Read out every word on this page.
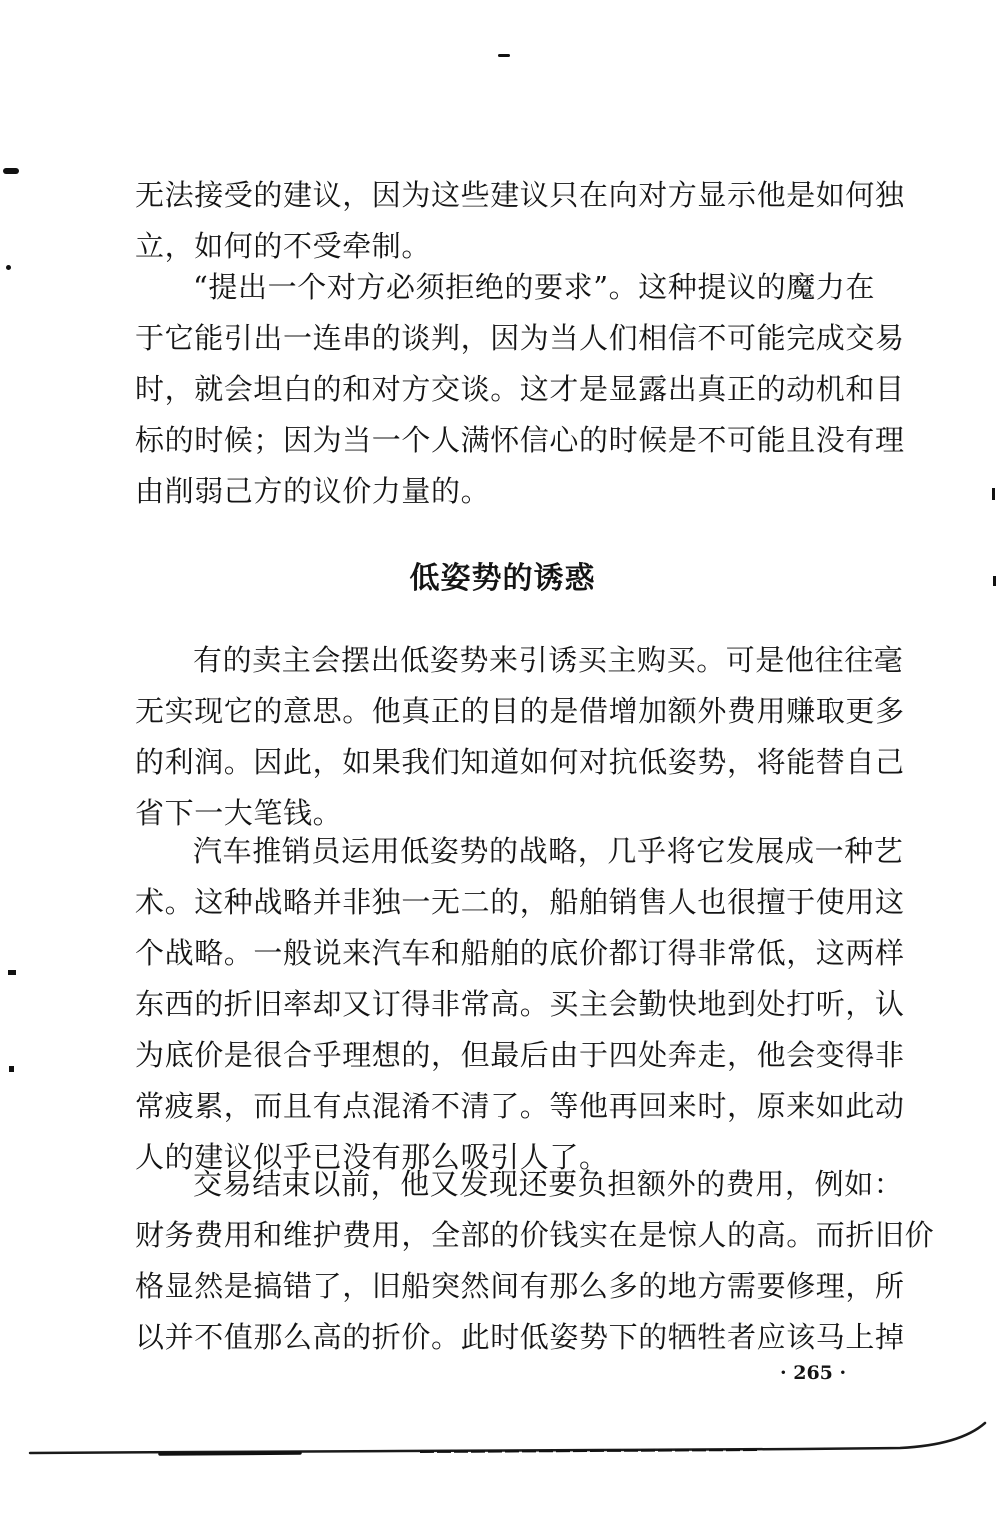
无法接受的建议，因为这些建议只在向对方显示他是如何独
立，如何的不受牵制。
“提出一个对方必须拒绝的要求”。这种提议的魔力在
于它能引出一连串的谈判，因为当人们相信不可能完成交易
时，就会坦白的和对方交谈。这才是显露出真正的动机和目
标的时候；因为当一个人满怀信心的时候是不可能且没有理
由削弱己方的议价力量的。
低姿势的诱惑
有的卖主会摆出低姿势来引诱买主购买。可是他往往毫
无实现它的意思。他真正的目的是借增加额外费用赚取更多
的利润。因此，如果我们知道如何对抗低姿势，将能替自己
省下一大笔钱。
汽车推销员运用低姿势的战略，几乎将它发展成一种艺
术。这种战略并非独一无二的，船舶销售人也很擅于使用这
个战略。一般说来汽车和船舶的底价都订得非常低，这两样
东西的折旧率却又订得非常高。买主会勤快地到处打听，认
为底价是很合乎理想的，但最后由于四处奔走，他会变得非
常疲累，而且有点混淆不清了。等他再回来时，原来如此动
人的建议似乎已没有那么吸引人了。
交易结束以前，他又发现还要负担额外的费用，例如：
财务费用和维护费用，全部的价钱实在是惊人的高。而折旧价
格显然是搞错了，旧船突然间有那么多的地方需要修理，所
以并不值那么高的折价。此时低姿势下的牺牲者应该马上掉
· 265 ·
